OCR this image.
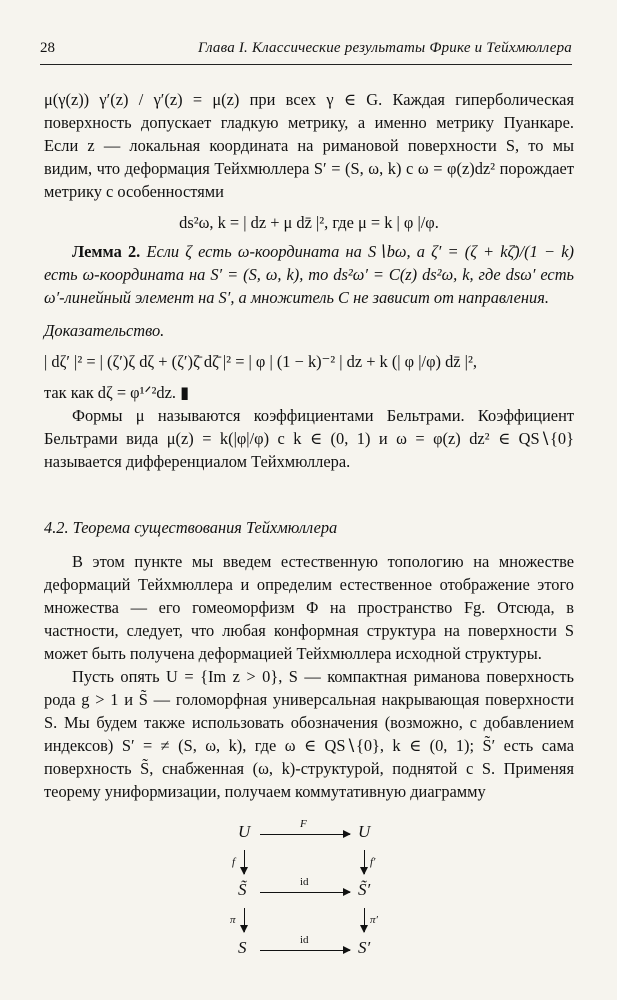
28	Глава I. Классические результаты Фрике и Тейхмюллера

μ(γ(z)) γ′(z) / γ′(z) = μ(z) при всех γ ∈ G. Каждая гиперболическая поверхность допускает гладкую метрику, а именно метрику Пуанкаре. Если z — локальная координата на римановой поверхности S, то мы видим, что деформация Тейхмюллера S′ = (S, ω, k) с ω = φ(z)dz² порождает метрику с особенностями

ds²ω, k = | dz + μ dz̄ |², где μ = k | φ |/φ.

Лемма 2. Если ζ есть ω-координата на S∖bω, а ζ′ = (ζ + kζ̄)/(1 − k) есть ω-координата на S′ = (S, ω, k), то ds²ω′ = C(z) ds²ω, k, где dsω′ есть ω′-линейный элемент на S′, а множитель C не зависит от направления.

Доказательство.

| dζ′ |² = | (ζ′)ζ dζ + (ζ′)ζ̄ dζ̄ |² = | φ | (1 − k)⁻² | dz + k (| φ |/φ) dz̄ |²,

так как dζ = φ¹ᐟ²dz. ▮

Формы μ называются коэффициентами Бельтрами. Коэффициент Бельтрами вида μ(z) = k(|φ|/φ) с k ∈ (0, 1) и ω = φ(z) dz² ∈ QS∖{0} называется дифференциалом Тейхмюллера.

4.2. Теорема существования Тейхмюллера

В этом пункте мы введем естественную топологию на множестве деформаций Тейхмюллера и определим естественное отображение этого множества — его гомеоморфизм Φ на пространство Fg. Отсюда, в частности, следует, что любая конформная структура на поверхности S может быть получена деформацией Тейхмюллера исходной структуры.

Пусть опять U = {Im z > 0}, S — компактная риманова поверхность рода g > 1 и S̃ — голоморфная универсальная накрывающая поверхности S. Мы будем также использовать обозначения (возможно, с добавлением индексов) S′ = ≠ (S, ω, k), где ω ∈ QS∖{0}, k ∈ (0, 1); S̃′ есть сама поверхность S̃, снабженная (ω, k)-структурой, поднятой с S. Применяя теорему униформизации, получаем коммутативную диаграмму

U	U
S̃	S̃′
S	S′
F
id
id
f	f′
π	π′
